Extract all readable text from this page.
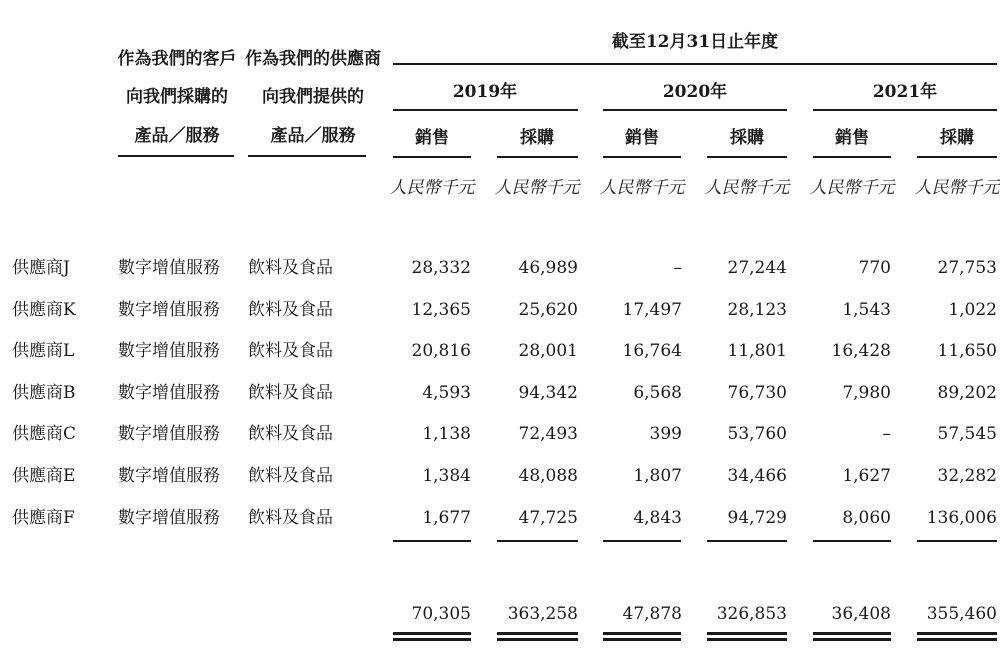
作為我們的客戶
向我們採購的
產品／服務
作為我們的供應商
向我們提供的
產品／服務
截至12月31日止年度
2019年	2020年	2021年
銷售	採購	銷售	採購	銷售	採購
人民幣千元 人民幣千元 人民幣千元 人民幣千元 人民幣千元 人民幣千元
供應商J	數字增值服務 飲料及食品	28,332	46,989	–	27,244	770	27,753
供應商K 數字增值服務 飲料及食品	12,365	25,620	17,497	28,123	1,543	1,022
供應商L	數字增值服務 飲料及食品	20,816	28,001	16,764	11,801	16,428	11,650
供應商B	數字增值服務 飲料及食品	4,593	94,342	6,568	76,730	7,980	89,202
供應商C 數字增值服務 飲料及食品	1,138	72,493	399	53,760	–	57,545
供應商E	數字增值服務 飲料及食品	1,384	48,088	1,807	34,466	1,627	32,282
供應商F	數字增值服務 飲料及食品	1,677	47,725	4,843	94,729	8,060 136,006
70,305 363,258	47,878 326,853	36,408 355,460
